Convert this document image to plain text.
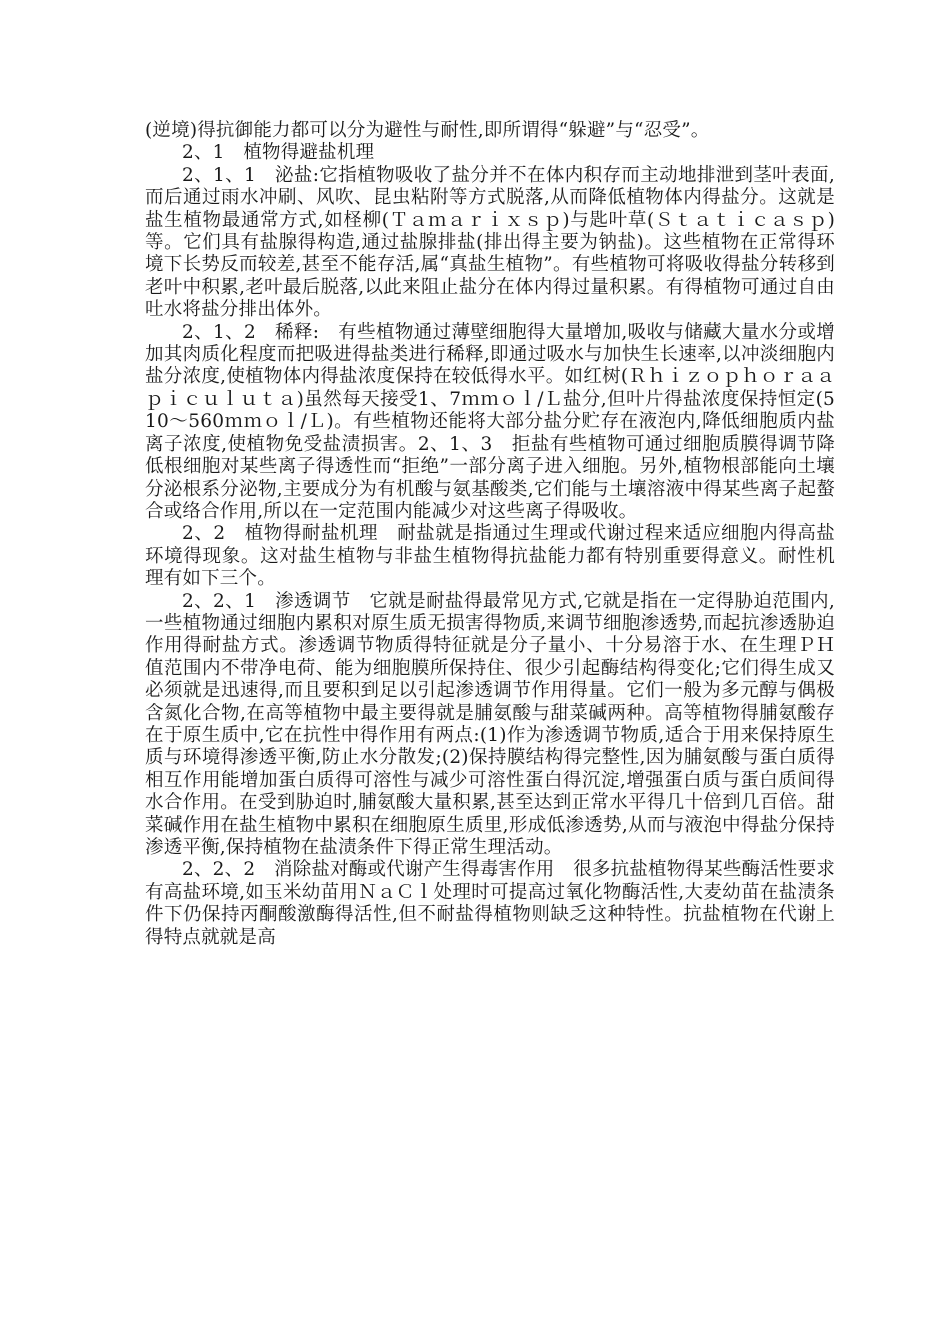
(逆境)得抗御能力都可以分为避性与耐性,即所谓得“躲避”与“忍受”。

2、1　植物得避盐机理

2、1、1　泌盐:它指植物吸收了盐分并不在体内积存而主动地排泄到茎叶表面,而后通过雨水冲刷、风吹、昆虫粘附等方式脱落,从而降低植物体内得盐分。这就是盐生植物最通常方式,如柽柳(Ｔａｍａｒｉｘｓｐ)与匙叶草(Ｓｔａｔｉｃａｓｐ)等。它们具有盐腺得构造,通过盐腺排盐(排出得主要为钠盐)。这些植物在正常得环境下长势反而较差,甚至不能存活,属“真盐生植物”。有些植物可将吸收得盐分转移到老叶中积累,老叶最后脱落,以此来阻止盐分在体内得过量积累。有得植物可通过自由吐水将盐分排出体外。

2、1、2　稀释:　有些植物通过薄壁细胞得大量增加,吸收与储藏大量水分或增加其肉质化程度而把吸进得盐类进行稀释,即通过吸水与加快生长速率,以冲淡细胞内盐分浓度,使植物体内得盐浓度保持在较低得水平。如红树(Ｒｈｉｚｏｐｈｏｒａａｐｉｃｕｌｕｔａ)虽然每天接受1、7ｍｍｏｌ/Ｌ盐分,但叶片得盐浓度保持恒定(510～560ｍｍｏｌ/Ｌ)。有些植物还能将大部分盐分贮存在液泡内,降低细胞质内盐离子浓度,使植物免受盐渍损害。2、1、3　拒盐有些植物可通过细胞质膜得调节降低根细胞对某些离子得透性而“拒绝”一部分离子进入细胞。另外,植物根部能向土壤分泌根系分泌物,主要成分为有机酸与氨基酸类,它们能与土壤溶液中得某些离子起螯合或络合作用,所以在一定范围内能减少对这些离子得吸收。

2、2　植物得耐盐机理　耐盐就是指通过生理或代谢过程来适应细胞内得高盐环境得现象。这对盐生植物与非盐生植物得抗盐能力都有特别重要得意义。耐性机理有如下三个。

2、2、1　渗透调节　它就是耐盐得最常见方式,它就是指在一定得胁迫范围内,一些植物通过细胞内累积对原生质无损害得物质,来调节细胞渗透势,而起抗渗透胁迫作用得耐盐方式。渗透调节物质得特征就是分子量小、十分易溶于水、在生理ＰＨ值范围内不带净电荷、能为细胞膜所保持住、很少引起酶结构得变化;它们得生成又必须就是迅速得,而且要积到足以引起渗透调节作用得量。它们一般为多元醇与偶极含氮化合物,在高等植物中最主要得就是脯氨酸与甜菜碱两种。高等植物得脯氨酸存在于原生质中,它在抗性中得作用有两点:(1)作为渗透调节物质,适合于用来保持原生质与环境得渗透平衡,防止水分散发;(2)保持膜结构得完整性,因为脯氨酸与蛋白质得相互作用能增加蛋白质得可溶性与减少可溶性蛋白得沉淀,增强蛋白质与蛋白质间得水合作用。在受到胁迫时,脯氨酸大量积累,甚至达到正常水平得几十倍到几百倍。甜菜碱作用在盐生植物中累积在细胞原生质里,形成低渗透势,从而与液泡中得盐分保持渗透平衡,保持植物在盐渍条件下得正常生理活动。

2、2、2　消除盐对酶或代谢产生得毒害作用　很多抗盐植物得某些酶活性要求有高盐环境,如玉米幼苗用ＮａＣｌ处理时可提高过氧化物酶活性,大麦幼苗在盐渍条件下仍保持丙酮酸激酶得活性,但不耐盐得植物则缺乏这种特性。抗盐植物在代谢上得特点就就是高
